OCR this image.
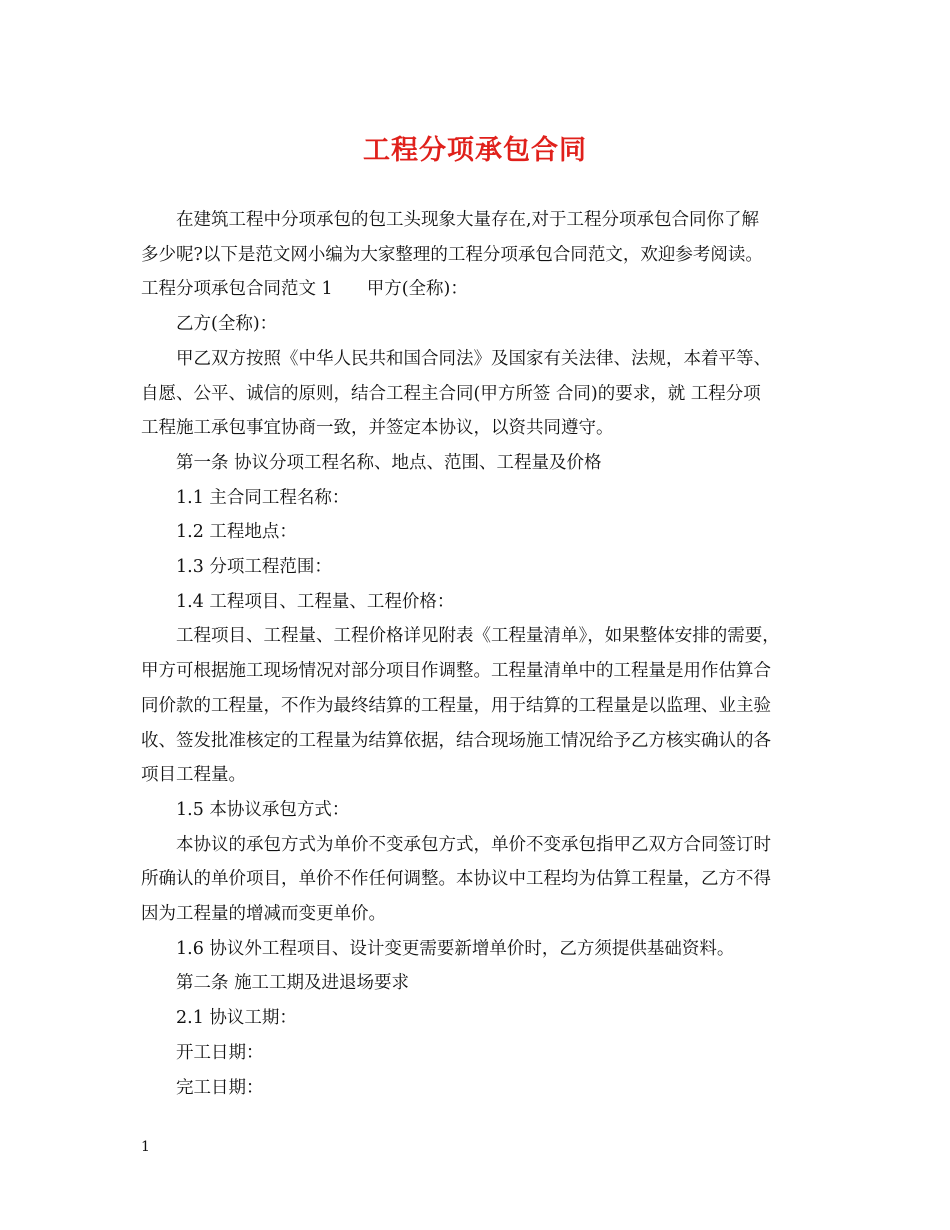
工程分项承包合同

在建筑工程中分项承包的包工头现象大量存在,对于工程分项承包合同你了解

多少呢?以下是范文网小编为大家整理的工程分项承包合同范文，欢迎参考阅读。

工程分项承包合同范文 1 甲方(全称)：

乙方(全称)：

甲乙双方按照《中华人民共和国合同法》及国家有关法律、法规，本着平等、

自愿、公平、诚信的原则，结合工程主合同(甲方所签 合同)的要求，就 工程分项

工程施工承包事宜协商一致，并签定本协议，以资共同遵守。

第一条 协议分项工程名称、地点、范围、工程量及价格

1.1 主合同工程名称：

1.2 工程地点：

1.3 分项工程范围：

1.4 工程项目、工程量、工程价格：

工程项目、工程量、工程价格详见附表《工程量清单》，如果整体安排的需要，

甲方可根据施工现场情况对部分项目作调整。工程量清单中的工程量是用作估算合

同价款的工程量，不作为最终结算的工程量，用于结算的工程量是以监理、业主验

收、签发批准核定的工程量为结算依据，结合现场施工情况给予乙方核实确认的各

项目工程量。

1.5 本协议承包方式：

本协议的承包方式为单价不变承包方式，单价不变承包指甲乙双方合同签订时

所确认的单价项目，单价不作任何调整。本协议中工程均为估算工程量，乙方不得

因为工程量的增减而变更单价。

1.6 协议外工程项目、设计变更需要新增单价时，乙方须提供基础资料。

第二条 施工工期及进退场要求

2.1 协议工期：

开工日期：

完工日期：

1
